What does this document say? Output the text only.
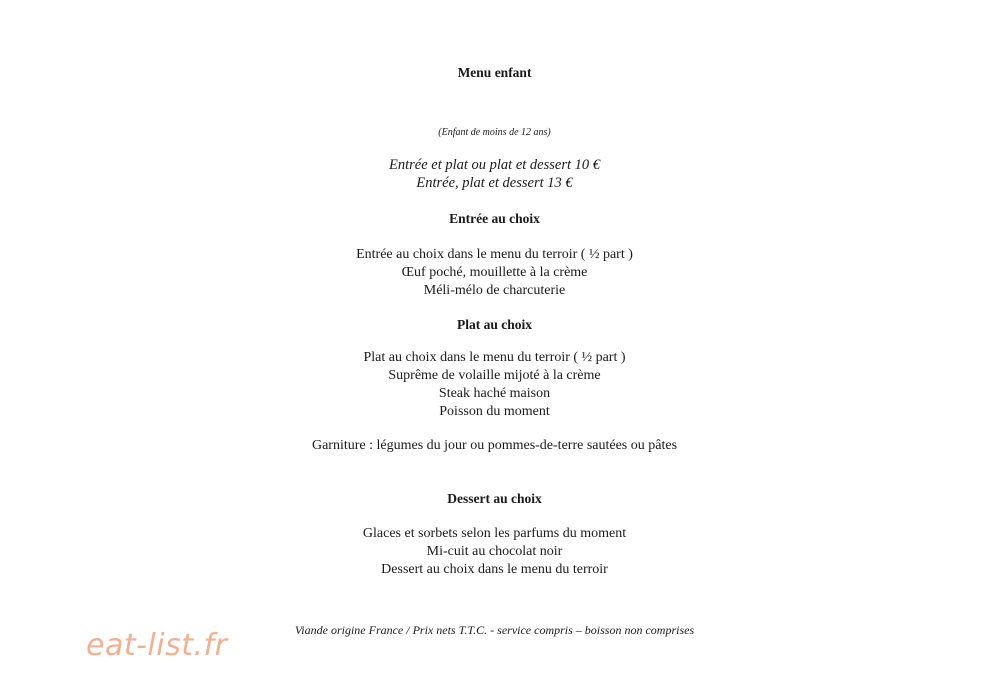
Menu enfant
(Enfant de moins de 12 ans)
Entrée et plat ou plat et dessert 10 €
Entrée, plat et dessert 13 €
Entrée au choix
Entrée au choix dans le menu du terroir ( ½ part )
Œuf poché, mouillette à la crème
Méli-mélo de charcuterie
Plat au choix
Plat au choix dans le menu du terroir ( ½ part )
Suprême de volaille mijoté à la crème
Steak haché maison
Poisson du moment
Garniture : légumes du jour ou pommes-de-terre sautées ou pâtes
Dessert au choix
Glaces et sorbets selon les parfums du moment
Mi-cuit au chocolat noir
Dessert au choix dans le menu du terroir
Viande origine France / Prix nets T.T.C. - service compris – boisson non comprises
eat-list.fr
